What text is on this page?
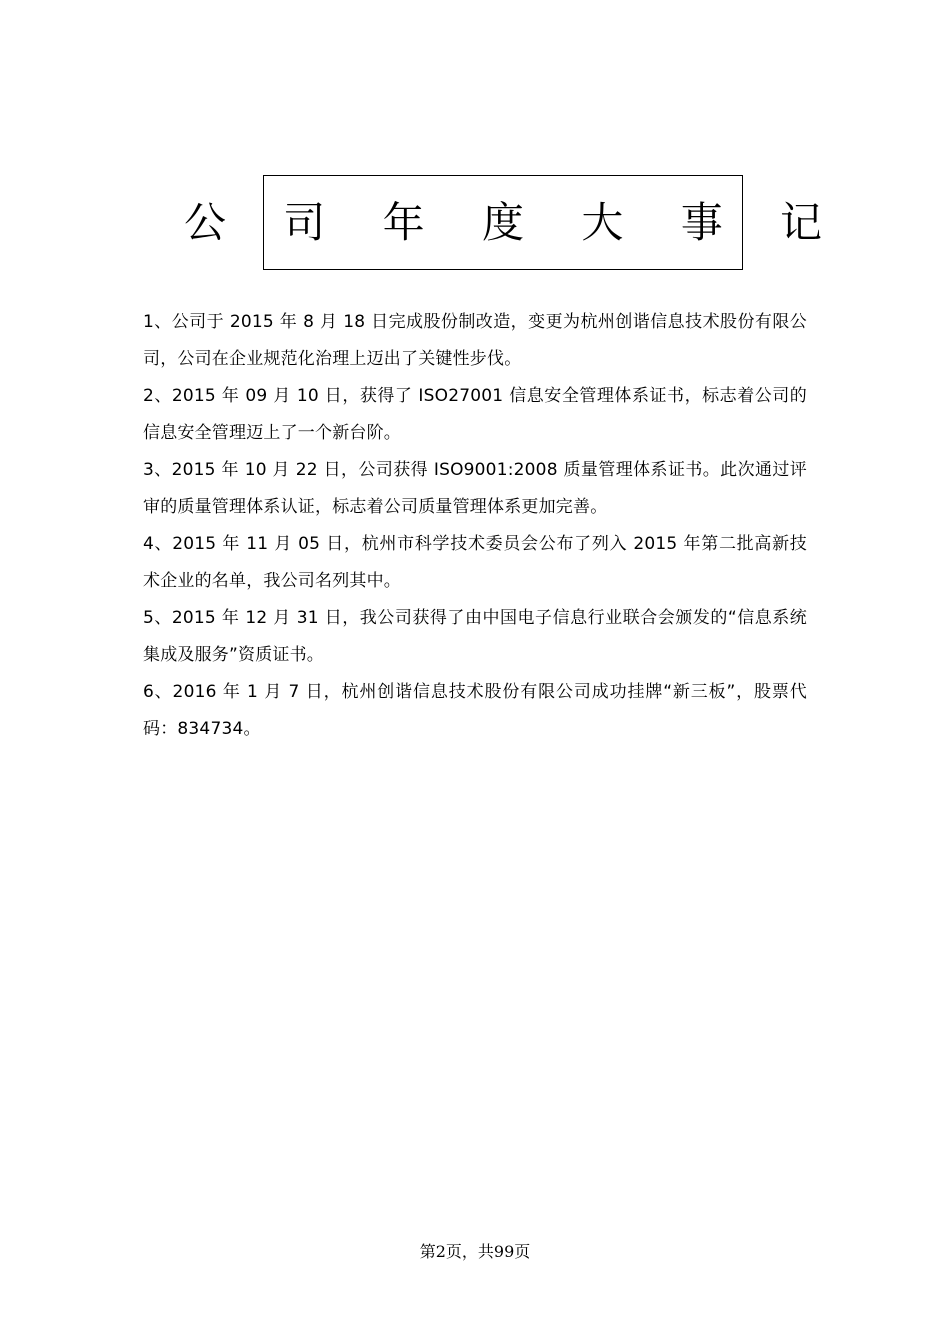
公 司 年 度 大 事 记

1、公司于 2015 年 8 月 18 日完成股份制改造，变更为杭州创谐信息技术股份有限公司，公司在企业规范化治理上迈出了关键性步伐。

2、2015 年 09 月 10 日，获得了 ISO27001 信息安全管理体系证书，标志着公司的信息安全管理迈上了一个新台阶。

3、2015 年 10 月 22 日，公司获得 ISO9001:2008 质量管理体系证书。此次通过评审的质量管理体系认证，标志着公司质量管理体系更加完善。

4、2015 年 11 月 05 日，杭州市科学技术委员会公布了列入 2015 年第二批高新技术企业的名单，我公司名列其中。

5、2015 年 12 月 31 日，我公司获得了由中国电子信息行业联合会颁发的“信息系统集成及服务”资质证书。

6、2016 年 1 月 7 日，杭州创谐信息技术股份有限公司成功挂牌“新三板”，股票代码：834734。

第2页，共99页
